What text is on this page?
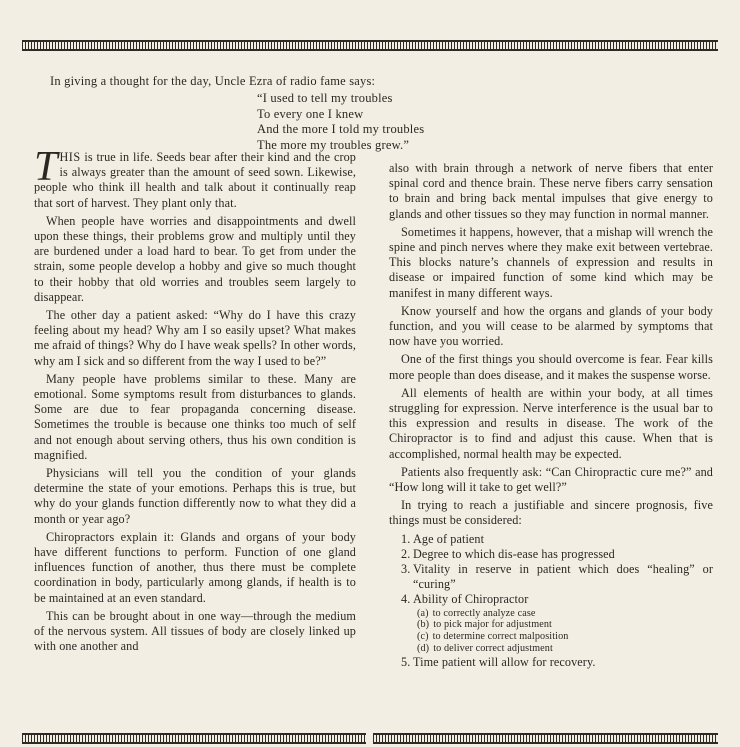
In giving a thought for the day, Uncle Ezra of radio fame says:
“I used to tell my troubles
To every one I knew
And the more I told my troubles
The more my troubles grew.”

THIS is true in life. Seeds bear after their kind and the crop is always greater than the amount of seed sown. Likewise, people who think ill health and talk about it continually reap that sort of harvest. They plant only that.

When people have worries and disappointments and dwell upon these things, their problems grow and multiply until they are burdened under a load hard to bear. To get from under the strain, some people develop a hobby and give so much thought to their hobby that old worries and troubles seem largely to disappear.

The other day a patient asked: “Why do I have this crazy feeling about my head? Why am I so easily upset? What makes me afraid of things? Why do I have weak spells? In other words, why am I sick and so different from the way I used to be?”

Many people have problems similar to these. Many are emotional. Some symptoms result from disturbances to glands. Some are due to fear propaganda concerning disease. Sometimes the trouble is because one thinks too much of self and not enough about serving others, thus his own condition is magnified.

Physicians will tell you the condition of your glands determine the state of your emotions. Perhaps this is true, but why do your glands function differently now to what they did a month or year ago?

Chiropractors explain it: Glands and organs of your body have different functions to perform. Function of one gland influences function of another, thus there must be complete coordination in body, particularly among glands, if health is to be maintained at an even standard.

This can be brought about in one way—through the medium of the nervous system. All tissues of body are closely linked up with one another and

also with brain through a network of nerve fibers that enter spinal cord and thence brain. These nerve fibers carry sensation to brain and bring back mental impulses that give energy to glands and other tissues so they may function in normal manner.

Sometimes it happens, however, that a mishap will wrench the spine and pinch nerves where they make exit between vertebrae. This blocks nature’s channels of expression and results in disease or impaired function of some kind which may be manifest in many different ways.

Know yourself and how the organs and glands of your body function, and you will cease to be alarmed by symptoms that now have you worried.

One of the first things you should overcome is fear. Fear kills more people than does disease, and it makes the suspense worse.

All elements of health are within your body, at all times struggling for expression. Nerve interference is the usual bar to this expression and results in disease. The work of the Chiropractor is to find and adjust this cause. When that is accomplished, normal health may be expected.

Patients also frequently ask: “Can Chiropractic cure me?” and “How long will it take to get well?”

In trying to reach a justifiable and sincere prognosis, five things must be considered:

1. Age of patient
2. Degree to which dis-ease has progressed
3. Vitality in reserve in patient which does “healing” or “curing”
4. Ability of Chiropractor
(a) to correctly analyze case
(b) to pick major for adjustment
(c) to determine correct malposition
(d) to deliver correct adjustment
5. Time patient will allow for recovery.
